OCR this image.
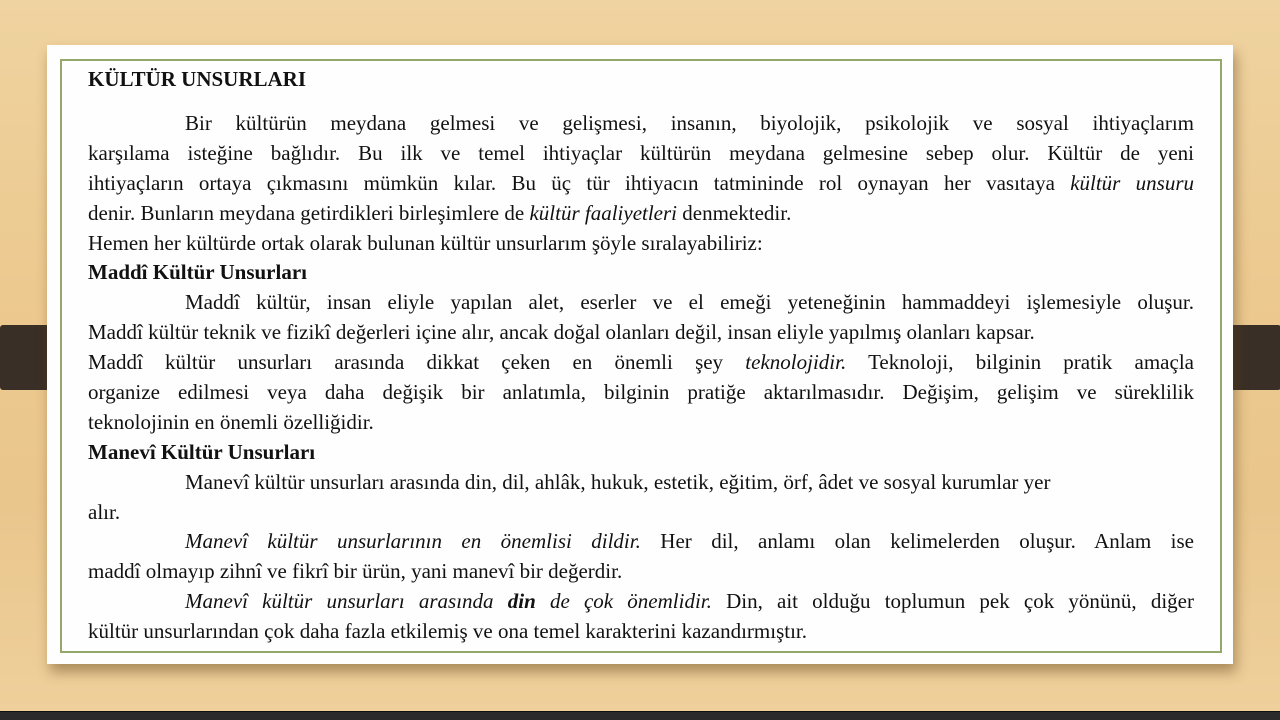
KÜLTÜR UNSURLARI
Bir kültürün meydana gelmesi ve gelişmesi, insanın, biyolojik, psikolojik ve sosyal ihtiyaçlarım
karşılama isteğine bağlıdır. Bu ilk ve temel ihtiyaçlar kültürün meydana gelmesine sebep olur. Kültür de yeni
ihtiyaçların ortaya çıkmasını mümkün kılar. Bu üç tür ihtiyacın tatmininde rol oynayan her vasıtaya kültür unsuru
denir. Bunların meydana getirdikleri birleşimlere de kültür faaliyetleri denmektedir.
Hemen her kültürde ortak olarak bulunan kültür unsurlarım şöyle sıralayabiliriz:
Maddî Kültür Unsurları
Maddî kültür, insan eliyle yapılan alet, eserler ve el emeği yeteneğinin hammaddeyi işlemesiyle oluşur.
Maddî kültür teknik ve fizikî değerleri içine alır, ancak doğal olanları değil, insan eliyle yapılmış olanları kapsar.
Maddî kültür unsurları arasında dikkat çeken en önemli şey teknolojidir. Teknoloji, bilginin pratik amaçla
organize edilmesi veya daha değişik bir anlatımla, bilginin pratiğe aktarılmasıdır. Değişim, gelişim ve süreklilik
teknolojinin en önemli özelliğidir.
Manevî Kültür Unsurları
Manevî kültür unsurları arasında din, dil, ahlâk, hukuk, estetik, eğitim, örf, âdet ve sosyal kurumlar yer
alır.
Manevî kültür unsurlarının en önemlisi dildir. Her dil, anlamı olan kelimelerden oluşur. Anlam ise
maddî olmayıp zihnî ve fikrî bir ürün, yani manevî bir değerdir.
Manevî kültür unsurları arasında din de çok önemlidir. Din, ait olduğu toplumun pek çok yönünü, diğer
kültür unsurlarından çok daha fazla etkilemiş ve ona temel karakterini kazandırmıştır.
